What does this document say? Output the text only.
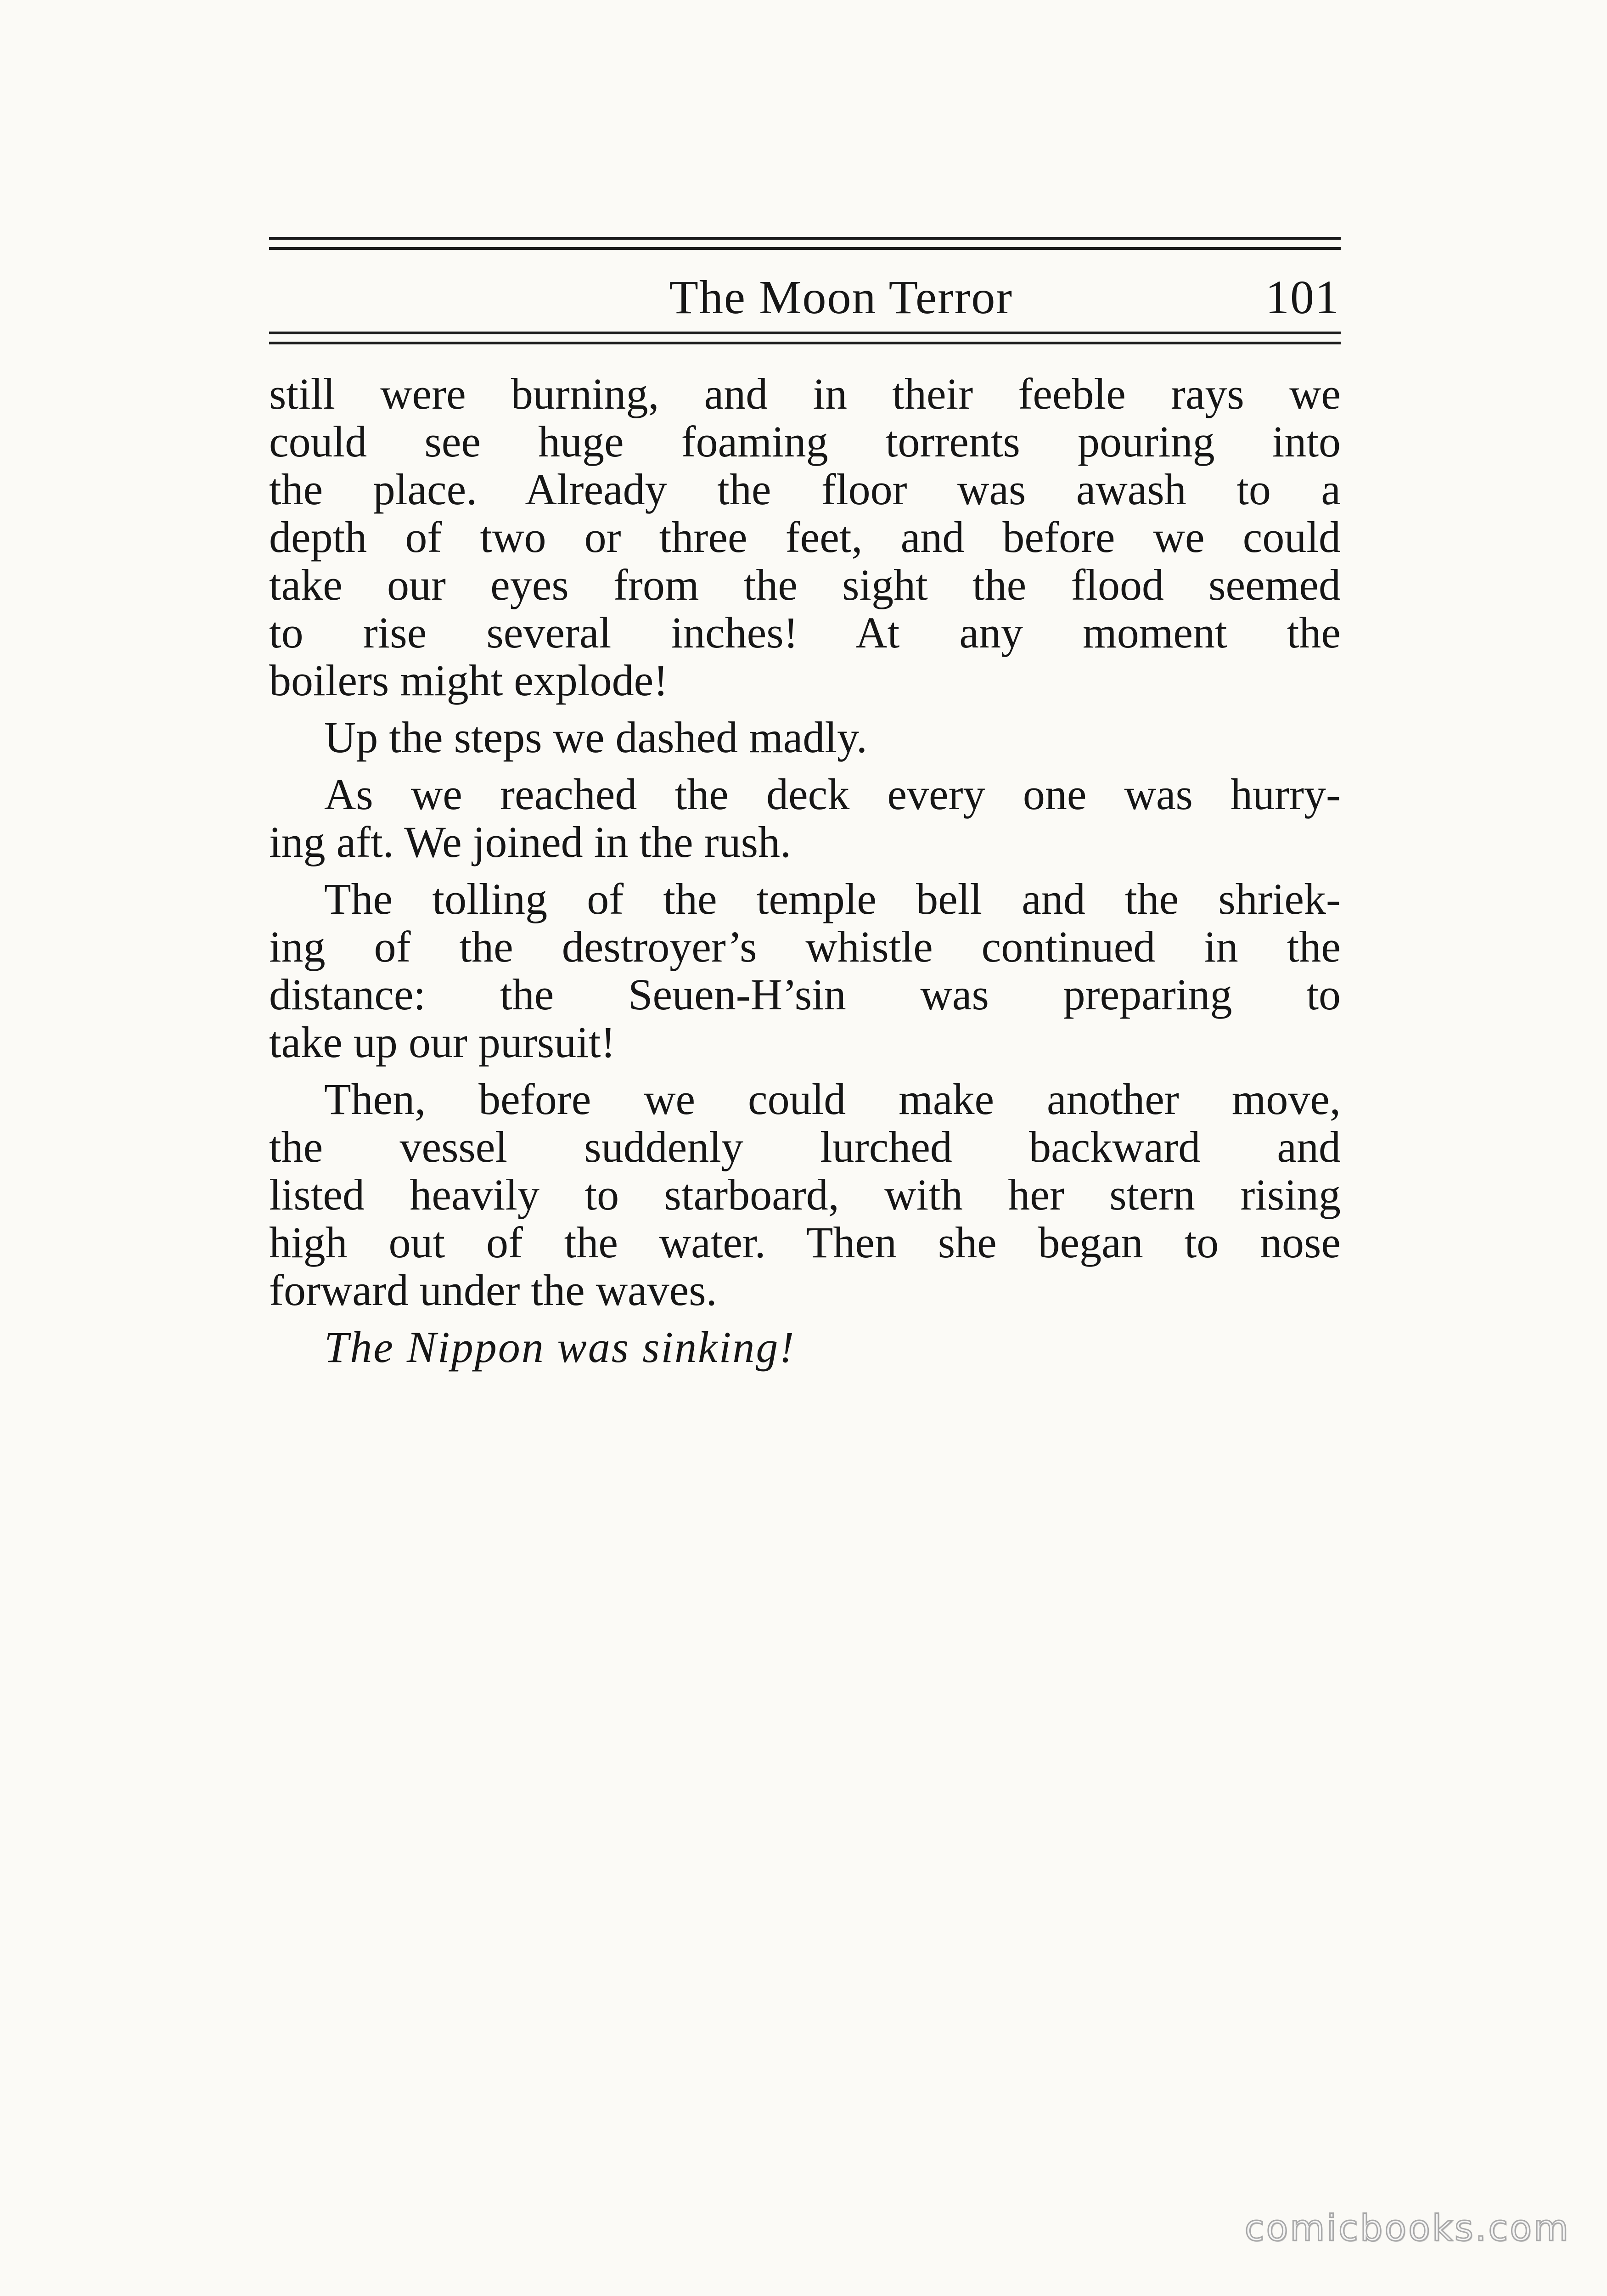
The Moon Terror	101
still were burning, and in their feeble rays we
could see huge foaming torrents pouring into
the place. Already the floor was awash to a
depth of two or three feet, and before we could
take our eyes from the sight the flood seemed
to rise several inches! At any moment the
boilers might explode!
Up the steps we dashed madly.
As we reached the deck every one was hurry-
ing aft. We joined in the rush.
The tolling of the temple bell and the shriek-
ing of the destroyer’s whistle continued in the
distance: the Seuen-H’sin was preparing to
take up our pursuit!
Then, before we could make another move,
the vessel suddenly lurched backward and
listed heavily to starboard, with her stern rising
high out of the water. Then she began to nose
forward under the waves.
The Nippon was sinking!
comicbooks.com
